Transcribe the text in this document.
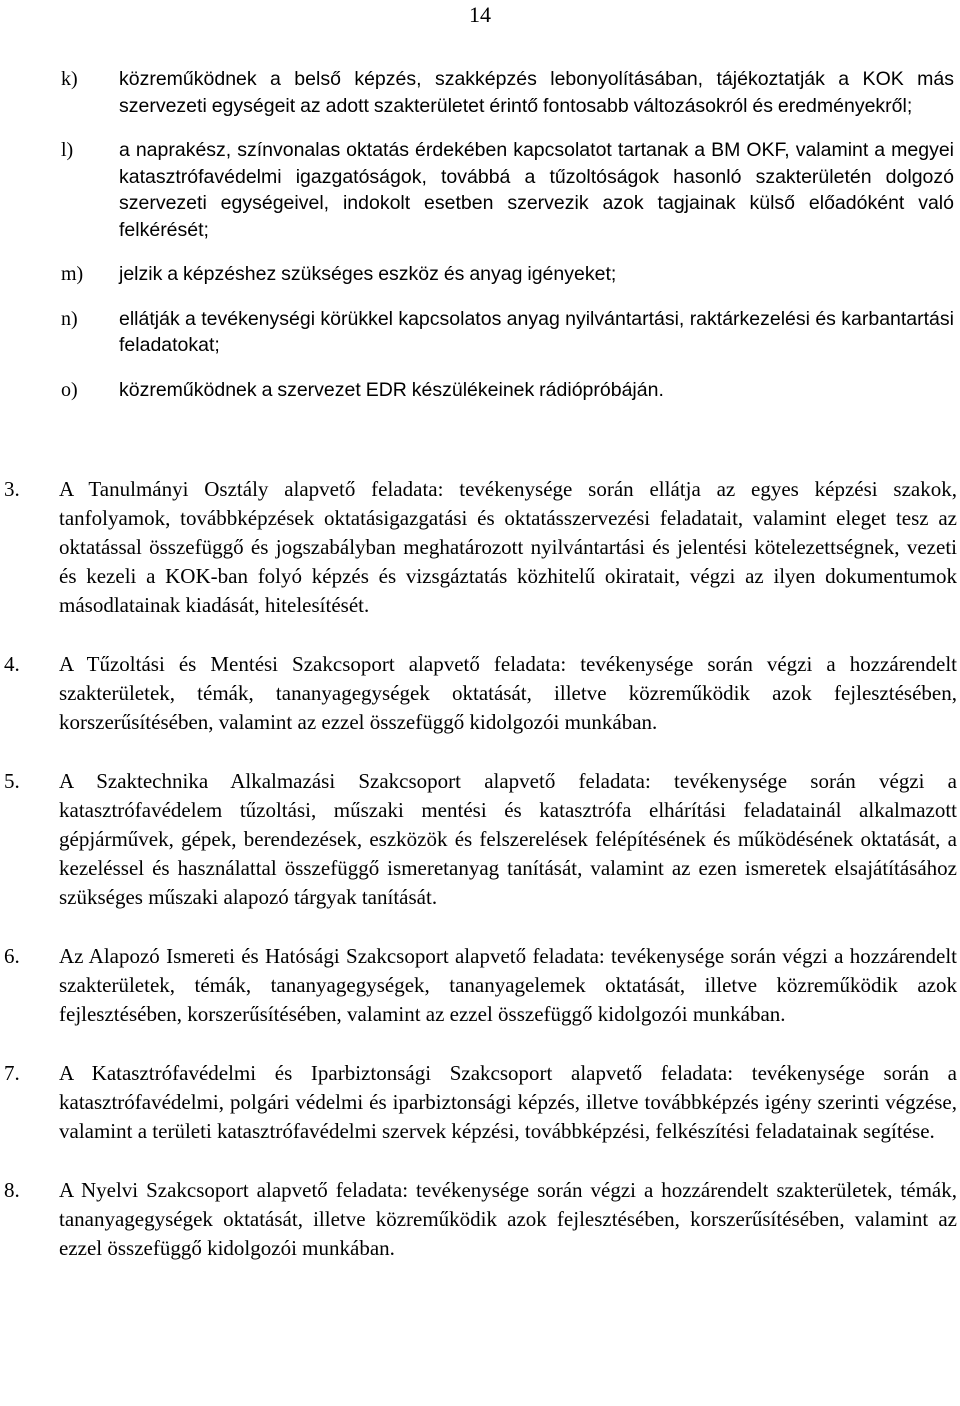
14
k) közreműködnek a belső képzés, szakképzés lebonyolításában, tájékoztatják a KOK más szervezeti egységeit az adott szakterületet érintő fontosabb változásokról és eredményekről;
l) a naprakész, színvonalas oktatás érdekében kapcsolatot tartanak a BM OKF, valamint a megyei katasztrófavédelmi igazgatóságok, továbbá a tűzoltóságok hasonló szakterületén dolgozó szervezeti egységeivel, indokolt esetben szervezik azok tagjainak külső előadóként való felkérését;
m) jelzik a képzéshez szükséges eszköz és anyag igényeket;
n) ellátják a tevékenységi körükkel kapcsolatos anyag nyilvántartási, raktárkezelési és karbantartási feladatokat;
o) közreműködnek a szervezet EDR készülékeinek rádiópróbáján.
3.	A Tanulmányi Osztály alapvető feladata: tevékenysége során ellátja az egyes képzési szakok, tanfolyamok, továbbképzések oktatásigazgatási és oktatásszervezési feladatait, valamint eleget tesz az oktatással összefüggő és jogszabályban meghatározott nyilvántartási és jelentési kötelezettségnek, vezeti és kezeli a KOK-ban folyó képzés és vizsgáztatás közhitelű okiratait, végzi az ilyen dokumentumok másodlatainak kiadását, hitelesítését.
4.	A Tűzoltási és Mentési Szakcsoport alapvető feladata: tevékenysége során végzi a hozzárendelt szakterületek, témák, tananyagegységek oktatását, illetve közreműködik azok fejlesztésében, korszerűsítésében, valamint az ezzel összefüggő kidolgozói munkában.
5.	A Szaktechnika Alkalmazási Szakcsoport alapvető feladata: tevékenysége során végzi a katasztrófavédelem tűzoltási, műszaki mentési és katasztrófa elhárítási feladatainál alkalmazott gépjárművek, gépek, berendezések, eszközök és felszerelések felépítésének és működésének oktatását, a kezeléssel és használattal összefüggő ismeretanyag tanítását, valamint az ezen ismeretek elsajátításához szükséges műszaki alapozó tárgyak tanítását.
6.	Az Alapozó Ismereti és Hatósági Szakcsoport alapvető feladata: tevékenysége során végzi a hozzárendelt szakterületek, témák, tananyagegységek, tananyagelemek oktatását, illetve közreműködik azok fejlesztésében, korszerűsítésében, valamint az ezzel összefüggő kidolgozói munkában.
7.	A Katasztrófavédelmi és Iparbiztonsági Szakcsoport alapvető feladata: tevékenysége során a katasztrófavédelmi, polgári védelmi és iparbiztonsági képzés, illetve továbbképzés igény szerinti végzése, valamint a területi katasztrófavédelmi szervek képzési, továbbképzési, felkészítési feladatainak segítése.
8.	A Nyelvi Szakcsoport alapvető feladata: tevékenysége során végzi a hozzárendelt szakterületek, témák, tananyagegységek oktatását, illetve közreműködik azok fejlesztésében, korszerűsítésében, valamint az ezzel összefüggő kidolgozói munkában.
